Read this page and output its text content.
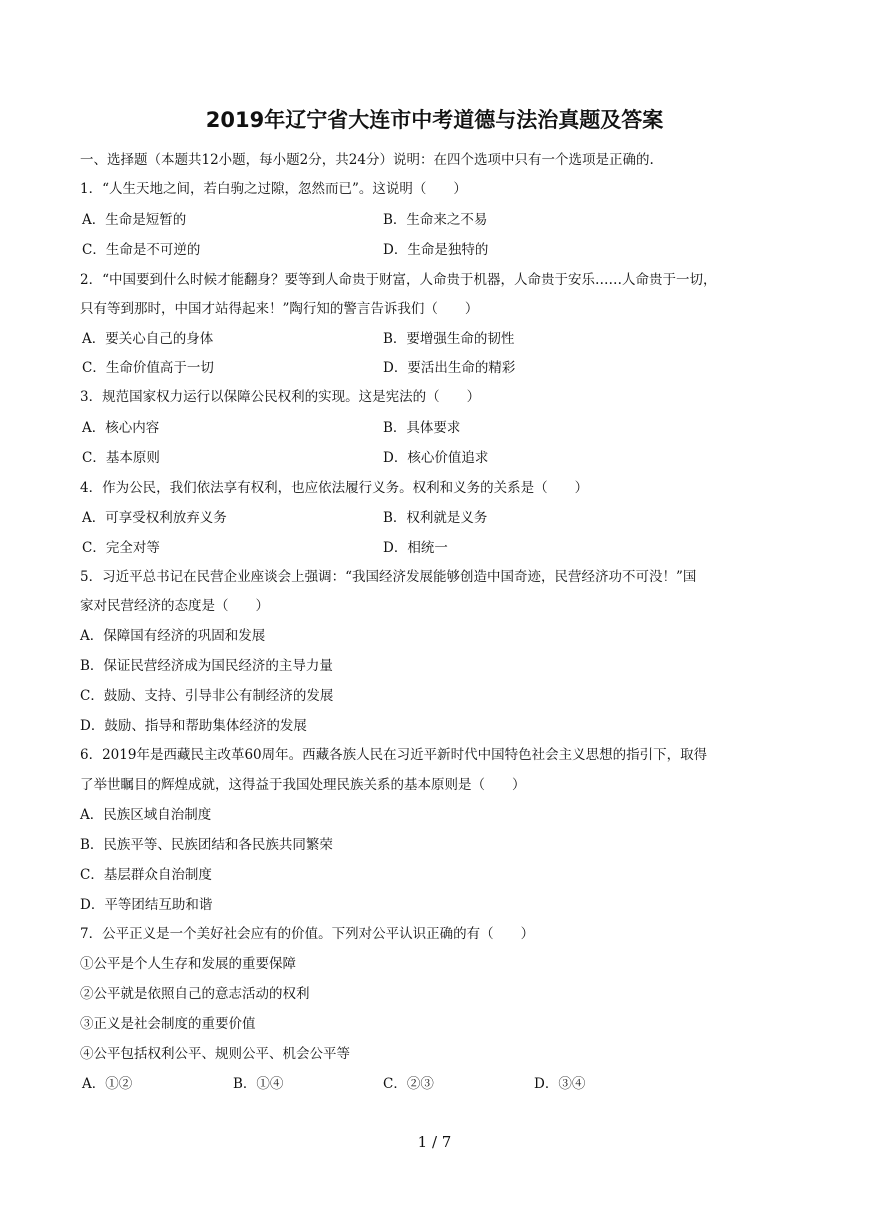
2019年辽宁省大连市中考道德与法治真题及答案
一、选择题（本题共12小题，每小题2分，共24分）说明：在四个选项中只有一个选项是正确的.
1．“人生天地之间，若白驹之过隙，忽然而已”。这说明（　　）
A．生命是短暂的	B．生命来之不易
C．生命是不可逆的	D．生命是独特的
2．“中国要到什么时候才能翻身？要等到人命贵于财富，人命贵于机器，人命贵于安乐……人命贵于一切，
只有等到那时，中国才站得起来！”陶行知的警言告诉我们（　　）
A．要关心自己的身体	B．要增强生命的韧性
C．生命价值高于一切	D．要活出生命的精彩
3．规范国家权力运行以保障公民权利的实现。这是宪法的（　　）
A．核心内容	B．具体要求
C．基本原则	D．核心价值追求
4．作为公民，我们依法享有权利，也应依法履行义务。权利和义务的关系是（　　）
A．可享受权利放弃义务	B．权利就是义务
C．完全对等	D．相统一
5．习近平总书记在民营企业座谈会上强调：“我国经济发展能够创造中国奇迹，民营经济功不可没！”国
家对民营经济的态度是（　　）
A．保障国有经济的巩固和发展
B．保证民营经济成为国民经济的主导力量
C．鼓励、支持、引导非公有制经济的发展
D．鼓励、指导和帮助集体经济的发展
6．2019年是西藏民主改革60周年。西藏各族人民在习近平新时代中国特色社会主义思想的指引下，取得
了举世瞩目的辉煌成就，这得益于我国处理民族关系的基本原则是（　　）
A．民族区域自治制度
B．民族平等、民族团结和各民族共同繁荣
C．基层群众自治制度
D．平等团结互助和谐
7．公平正义是一个美好社会应有的价值。下列对公平认识正确的有（　　）
①公平是个人生存和发展的重要保障
②公平就是依照自己的意志活动的权利
③正义是社会制度的重要价值
④公平包括权利公平、规则公平、机会公平等
A．①②	B．①④	C．②③	D．③④
1 / 7
